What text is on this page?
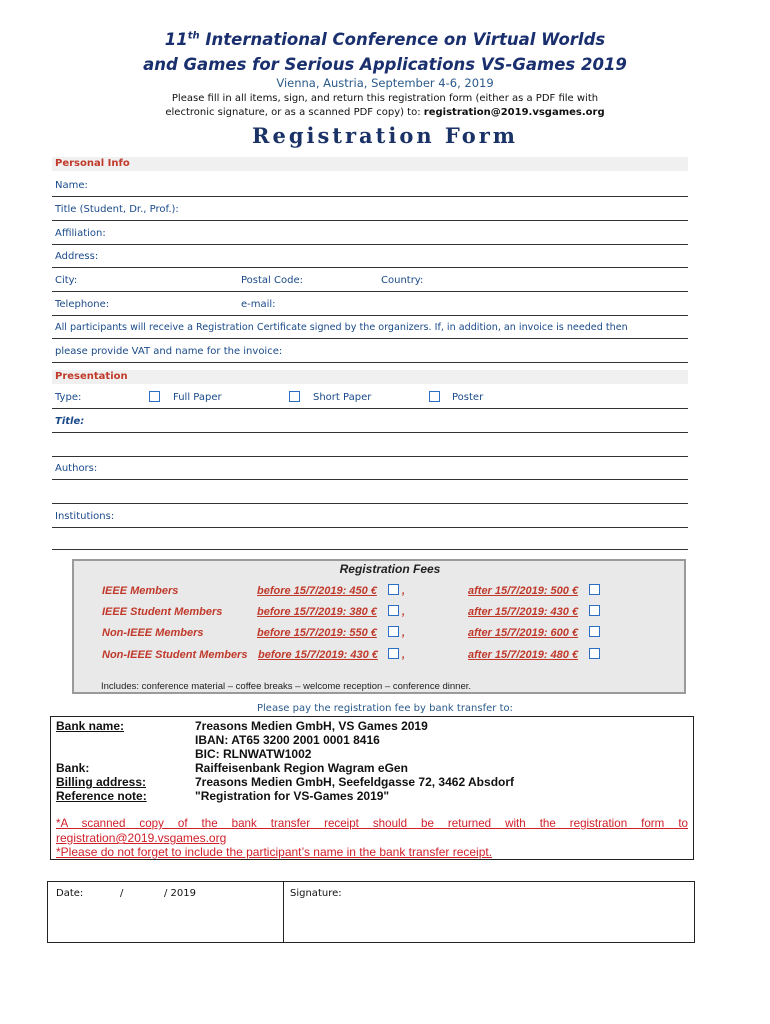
11th International Conference on Virtual Worlds
and Games for Serious Applications VS-Games 2019
Vienna, Austria, September 4-6, 2019
Please fill in all items, sign, and return this registration form (either as a PDF file with
electronic signature, or as a scanned PDF copy) to: registration@2019.vsgames.org
Registration Form
Personal Info
Name:
Title (Student, Dr., Prof.):
Affiliation:
Address:
City:	Postal Code:	Country:
Telephone:	e-mail:
All participants will receive a Registration Certificate signed by the organizers. If, in addition, an invoice is needed then
please provide VAT and name for the invoice:
Presentation
Type:	Full Paper	Short Paper	Poster
Title:
Authors:
Institutions:
Registration Fees
IEEE Members	before 15/7/2019: 450 € ,	after 15/7/2019: 500 €
IEEE Student Members	before 15/7/2019: 380 € ,	after 15/7/2019: 430 €
Non-IEEE Members	before 15/7/2019: 550 € ,	after 15/7/2019: 600 €
Non-IEEE Student Members before 15/7/2019: 430 € ,	after 15/7/2019: 480 €
Includes: conference material – coffee breaks – welcome reception – conference dinner.
Please pay the registration fee by bank transfer to:
Bank name:	7reasons Medien GmbH, VS Games 2019
IBAN: AT65 3200 2001 0001 8416
BIC: RLNWATW1002
Bank:	Raiffeisenbank Region Wagram eGen
Billing address:	7reasons Medien GmbH, Seefeldgasse 72, 3462 Absdorf
Reference note:	"Registration for VS-Games 2019"
*A scanned copy of the bank transfer receipt should be returned with the registration form to
registration@2019.vsgames.org
*Please do not forget to include the participant’s name in the bank transfer receipt.
Date:	/	/ 2019	Signature:
